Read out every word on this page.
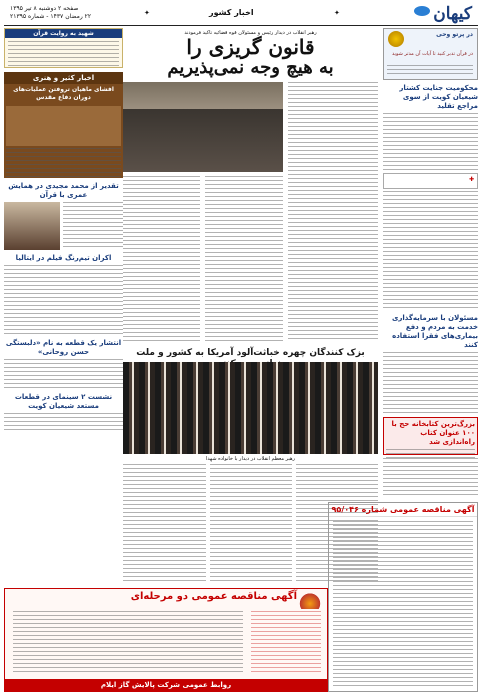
کیهان
اخبار کشور
✦	✦
صفحه ۲ دوشنبه ۸ تیر ۱۳۹۵
۲۲ رمضان ۱۴۳۷ - شماره ۲۱۳۹۵
در پرتو وحی
در قرآن تدبر کنید تا آیات آن مدتر شوید
محکومیت جنایت کشتار شیعیان کویت از سوی مراجع تقلید
✚
مسئولان با سرمایه‌گذاری خدمت به مردم و دفع بیماری‌های فقرا استفاده کنند
بزرگ‌ترین کتابخانه حج با ۱۰۰ عنوان کتاب راه‌اندازی شد
رهبر انقلاب در دیدار رئیس و مسئولان قوه قضائیه تاکید فرمودند
قانون گریزی را
به هیچ وجه نمی‌پذیریم
بزک کنندگان چهره خباثت‌آلود آمریکا به کشور و ملت
رهبر معظم انقلاب در دیدار با خانواده شهدا
شهید به روایت قرآن
اخبار کثیر و هنری
افشای ماهیان تروفتن عملیات‌های دوران دفاع مقدس
تقدیر از محمد مجیدی در همایش عمری با قرآن
اکران تیم‌رنگ فیلم در ایتالیا
انتشار یک قطعه به نام «دلبستگی حسن روحانی»
نشست ۲ سینمای در قطعات مستعد شیعیان کویت
آگهی مناقصه عمومی شماره ۹۵/۰۴۶
آگهی مناقصه عمومی دو مرحله‌ای
روابط عمومی شرکت پالایش گاز ایلام
